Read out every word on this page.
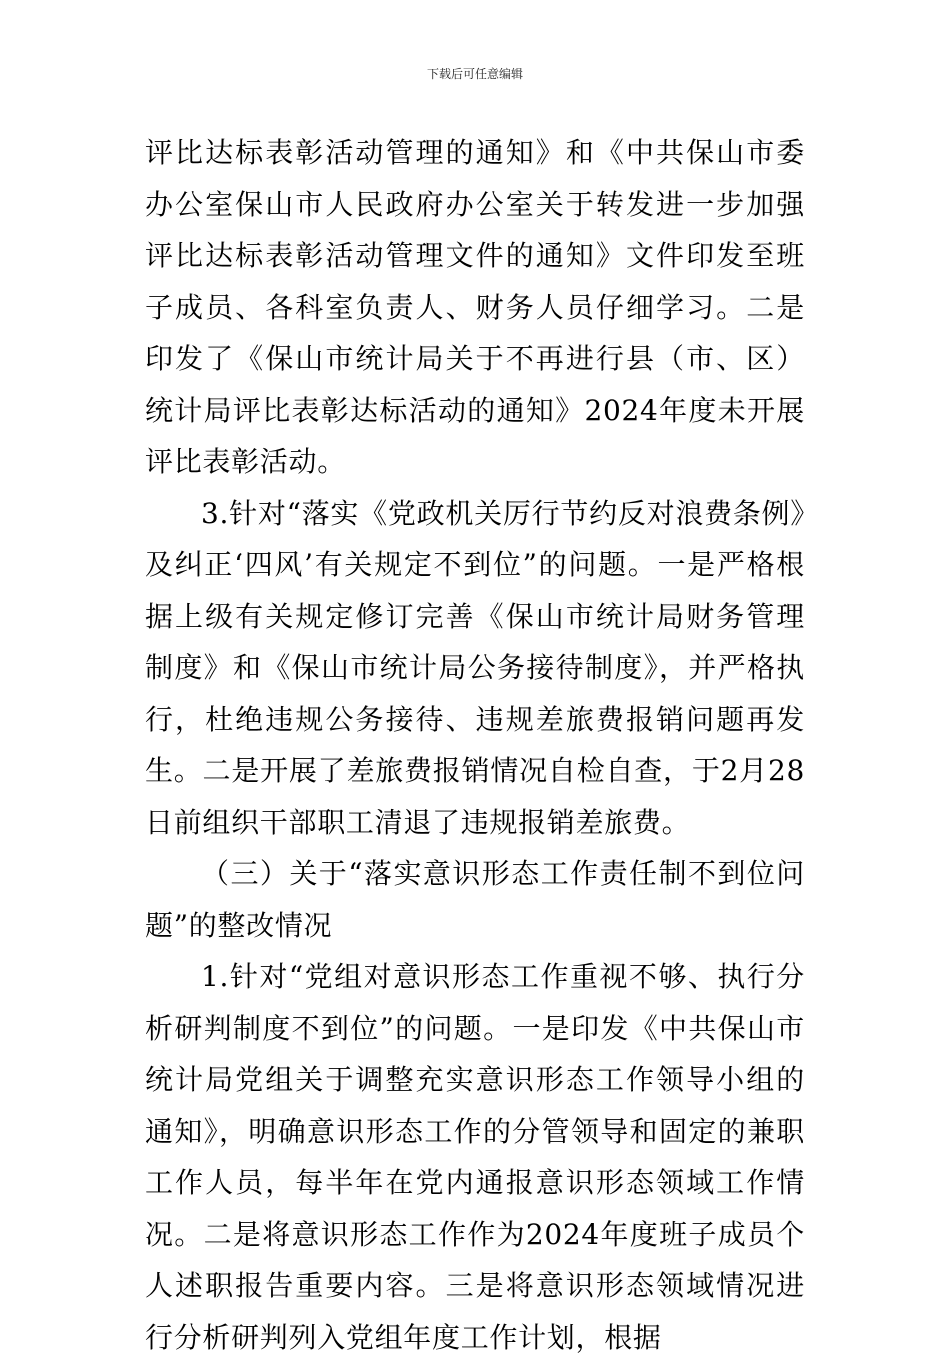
下载后可任意编辑

评比达标表彰活动管理的通知》和《中共保山市委办公室保山市人民政府办公室关于转发进一步加强评比达标表彰活动管理文件的通知》文件印发至班子成员、各科室负责人、财务人员仔细学习。二是印发了《保山市统计局关于不再进行县（市、区）统计局评比表彰达标活动的通知》2024年度未开展评比表彰活动。

3.针对“落实《党政机关厉行节约反对浪费条例》及纠正‘四风’有关规定不到位”的问题。一是严格根据上级有关规定修订完善《保山市统计局财务管理制度》和《保山市统计局公务接待制度》，并严格执行，杜绝违规公务接待、违规差旅费报销问题再发生。二是开展了差旅费报销情况自检自查，于2月28日前组织干部职工清退了违规报销差旅费。

（三）关于“落实意识形态工作责任制不到位问题”的整改情况

1.针对“党组对意识形态工作重视不够、执行分析研判制度不到位”的问题。一是印发《中共保山市统计局党组关于调整充实意识形态工作领导小组的通知》，明确意识形态工作的分管领导和固定的兼职工作人员，每半年在党内通报意识形态领域工作情况。二是将意识形态工作作为2024年度班子成员个人述职报告重要内容。三是将意识形态领域情况进行分析研判列入党组年度工作计划，根据
